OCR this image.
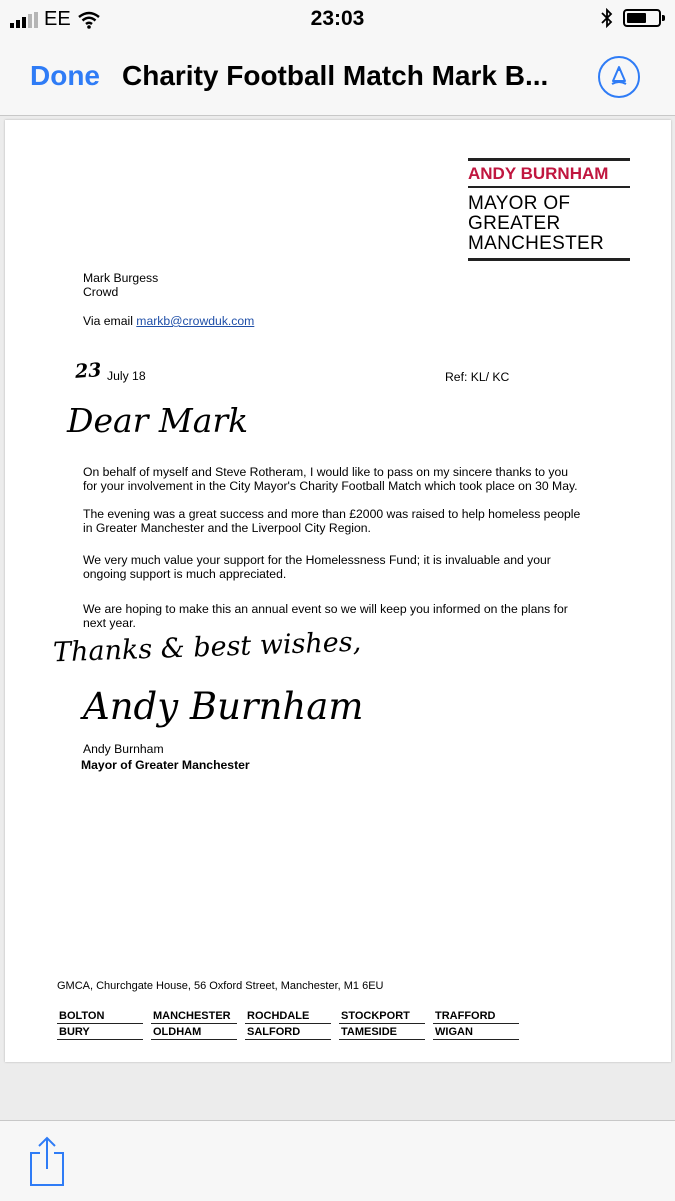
EE	23:03
Done Charity Football Match Mark B...
ANDY BURNHAM
MAYOR OF
GREATER
MANCHESTER
Mark Burgess
Crowd
Via email markb@crowduk.com
23 July 18	Ref: KL/ KC
Dear Mark
On behalf of myself and Steve Rotheram, I would like to pass on my sincere thanks to you
for your involvement in the City Mayor's Charity Football Match which took place on 30 May.
The evening was a great success and more than £2000 was raised to help homeless people
in Greater Manchester and the Liverpool City Region.
We very much value your support for the Homelessness Fund; it is invaluable and your
ongoing support is much appreciated.
We are hoping to make this an annual event so we will keep you informed on the plans for
next year.
Thanks & best wishes,
Andy Burnham
Andy Burnham
Mayor of Greater Manchester
GMCA, Churchgate House, 56 Oxford Street, Manchester, M1 6EU
BOLTON	MANCHESTER	ROCHDALE	STOCKPORT	TRAFFORD
BURY	OLDHAM	SALFORD	TAMESIDE	WIGAN
